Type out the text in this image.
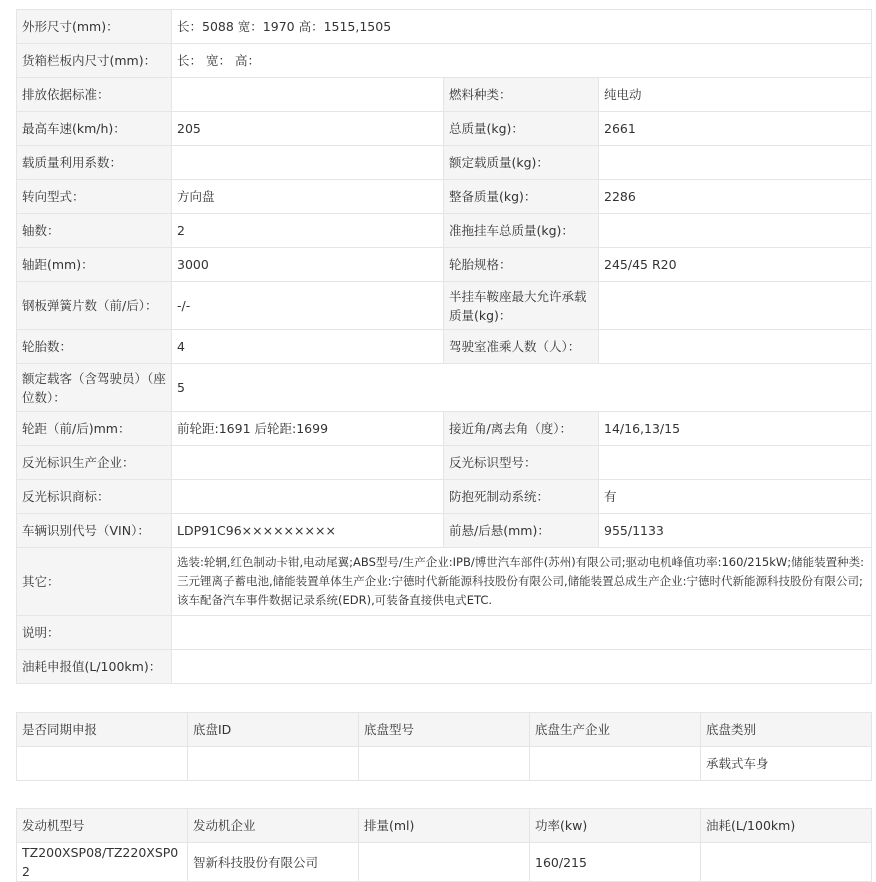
外形尺寸(mm)：	长：5088 宽：1970 高：1515,1505		
货箱栏板内尺寸(mm)：	长： 宽： 高：		
排放依据标准：		燃料种类：	纯电动
最高车速(km/h)：	205	总质量(kg)：	2661
载质量利用系数：		额定载质量(kg)：	
转向型式：	方向盘	整备质量(kg)：	2286
轴数：	2	准拖挂车总质量(kg)：	
轴距(mm)：	3000	轮胎规格：	245/45 R20
钢板弹簧片数（前/后）：	-/-	半挂车鞍座最大允许承载质量(kg)：	
轮胎数：	4	驾驶室准乘人数（人）：	
额定载客（含驾驶员）（座位数）：	5		
轮距（前/后)mm：	前轮距:1691 后轮距:1699	接近角/离去角（度）：	14/16,13/15
反光标识生产企业：		反光标识型号：	
反光标识商标：		防抱死制动系统：	有
车辆识别代号（VIN）：	LDP91C96×××××××××	前悬/后悬(mm)：	955/1133
其它：	选装:轮辋,红色制动卡钳,电动尾翼;ABS型号/生产企业:IPB/博世汽车部件(苏州)有限公司;驱动电机峰值功率:160/215kW;储能装置种类:三元锂离子蓄电池,储能装置单体生产企业:宁德时代新能源科技股份有限公司,储能装置总成生产企业:宁德时代新能源科技股份有限公司;该车配备汽车事件数据记录系统(EDR),可装备直接供电式ETC.		
说明：			
油耗申报值(L/100km)：			
是否同期申报	底盘ID	底盘型号	底盘生产企业	底盘类别
				承载式车身
发动机型号	发动机企业	排量(ml)	功率(kw)	油耗(L/100km)
TZ200XSP08/TZ220XSP02	智新科技股份有限公司		160/215	
